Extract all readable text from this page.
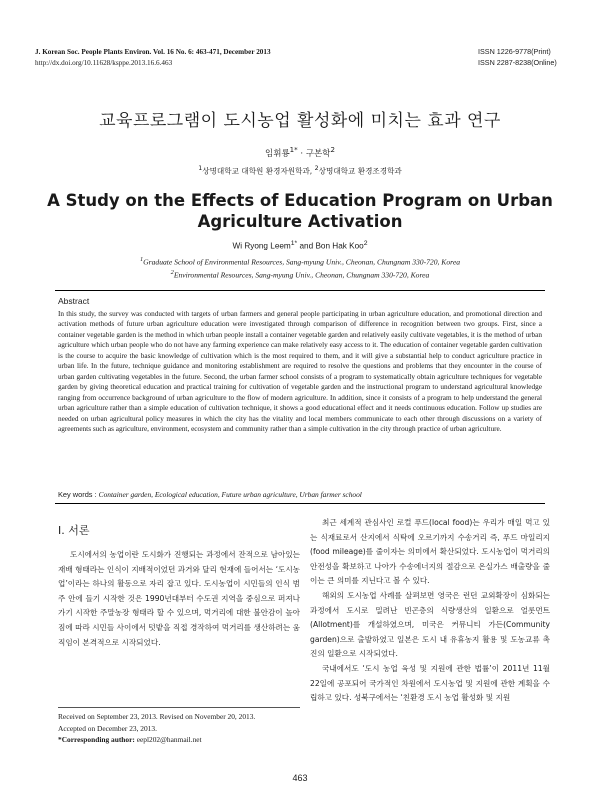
J. Korean Soc. People Plants Environ. Vol. 16 No. 6: 463-471, December 2013
http://dx.doi.org/10.11628/ksppe.2013.16.6.463
ISSN 1226-9778(Print)
ISSN 2287-8238(Online)
교육프로그램이 도시농업 활성화에 미치는 효과 연구
임휘룡$^{1*}$ · 구본학$^2$
$^1$상명대학교 대학원 환경자원학과, $^2$상명대학교 환경조경학과
A Study on the Effects of Education Program on Urban
Agriculture Activation
Wi Ryong Leem$^{1*}$ and Bon Hak Koo$^2$
$^1$Graduate School of Environmental Resources, Sang-myung Univ., Cheonan, Chungnam 330-720, Korea
$^2$Environmental Resources, Sang-myung Univ., Cheonan, Chungnam 330-720, Korea
Abstract
In this study, the survey was conducted with targets of urban farmers and general people participating in urban agriculture education, and promotional direction and activation methods of future urban agriculture education were investigated through comparison of difference in recognition between two groups. First, since a container vegetable garden is the method in which urban people install a container vegetable garden and relatively easily cultivate vegetables, it is the method of urban agriculture which urban people who do not have any farming experience can make relatively easy access to it. The education of container vegetable garden cultivation is the course to acquire the basic knowledge of cultivation which is the most required to them, and it will give a substantial help to conduct agriculture practice in urban life. In the future, technique guidance and monitoring establishment are required to resolve the questions and problems that they encounter in the course of urban garden cultivating vegetables in the future. Second, the urban farmer school consists of a program to systematically obtain agriculture techniques for vegetable garden by giving theoretical education and practical training for cultivation of vegetable garden and the instructional program to understand agricultural knowledge ranging from occurrence background of urban agriculture to the flow of modern agriculture. In addition, since it consists of a program to help understand the general urban agriculture rather than a simple education of cultivation technique, it shows a good educational effect and it needs continuous education. Follow up studies are needed on urban agricultural policy measures in which the city has the vitality and local members communicate to each other through discussions on a variety of agreements such as agriculture, environment, ecosystem and community rather than a simple cultivation in the city through practice of urban agriculture.
Key words : Container garden, Ecological education, Future urban agriculture, Urban farmer school
Ⅰ. 서론

도시에서의 농업이란 도시화가 진행되는 과정에서 잔적으로 남아있는 재배 형태라는 인식이 지배적이었던 과거와 달리 현재에 들어서는 ‘도시농업’이라는 하나의 활동으로 자리 잡고 있다. 도시농업이 시민들의 인식 범주 안에 들기 시작한 것은 1990년대부터 수도권 지역을 중심으로 퍼져나가기 시작한 주말농장 형태라 할 수 있으며, 먹거리에 대한 불안감이 높아짐에 따라 시민들 사이에서 텃밭을 직접 경작하여 먹거리를 생산하려는 움직임이 본격적으로 시작되었다.

최근 세계적 관심사인 로컬 푸드(local food)는 우리가 매일 먹고 있는 식재료로서 산지에서 식탁에 오르기까지 수송거리 즉, 푸드 마일리지(food mileage)를 줄이자는 의미에서 확산되었다. 도시농업이 먹거리의 안전성을 확보하고 나아가 수송에너지의 절감으로 온실가스 배출량을 줄이는 큰 의미를 지닌다고 볼 수 있다.

해외의 도시농업 사례를 살펴보면 영국은 런던 교외확장이 심화되는 과정에서 도시로 밀려난 빈곤층의 식량생산의 일환으로 얼롯먼트(Allotment)를 개설하였으며, 미국은 커뮤니티 가든(Community garden)으로 출발하였고 일본은 도시 내 유휴농지 활용 및 도농교류 촉진의 일환으로 시작되었다.

국내에서도 ‘도시 농업 육성 및 지원에 관한 법률’이 2011년 11월 22일에 공포되어 국가적인 차원에서 도시농업 및 지원에 관한 계획을 수립하고 있다. 성북구에서는 ‘친환경 도시 농업 활성화 및 지원

Received on September 23, 2013. Revised on November 20, 2013.
Accepted on December 23, 2013.
*Corresponding author: eepl202@hanmail.net
463
